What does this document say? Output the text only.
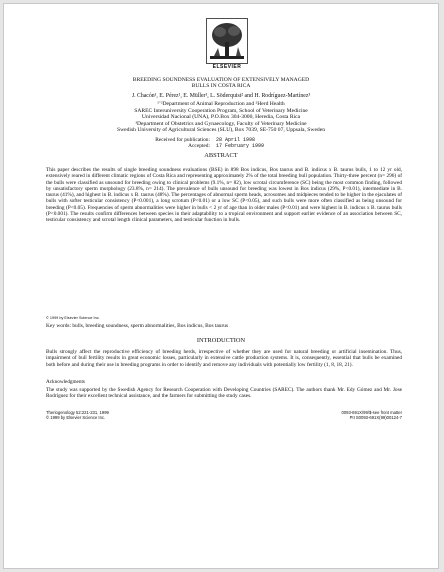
ELSEVIER
BREEDING SOUNDNESS EVALUATION OF EXTENSIVELY MANAGED
BULLS IN COSTA RICA
J. Chacón¹, E. Pérez¹, E. Müller¹, L. Söderquist² and H. Rodríguez-Martínez³
¹’²Department of Animal Reproduction and ²Herd Health
SAREC Interuniversity Cooperation Program, School of Veterinary Medicine
Universidad Nacional (UNA), P.O.Box 304-3000, Heredia, Costa Rica
³Department of Obstetrics and Gynaecology, Faculty of Veterinary Medicine
Swedish University of Agricultural Sciences (SLU), Box 7039, SE-750 07, Uppsala, Sweden
Received for publication:	28 April 1998
Accepted:	17 February 1999
ABSTRACT
This paper describes the results of single breeding soundness evaluations (BSE) in 898 Bos indicus, Bos taurus and B. indicus x B. taurus bulls, 1 to 12 yr old, extensively reared in different climatic regions of Costa Rica and representing approximately 2% of the total breeding bull population. Thirty-three percent (n= 296) of the bulls were classified as unsound for breeding owing to clinical problems (9.1%, n= 82), low scrotal circumference (SC) being the most common finding, followed by unsatisfactory sperm morphology (23.8%, n= 214). The prevalence of bulls unsound for breeding was lowest in Bos indicus (29%, P<0.01), intermediate in B. taurus (41%), and highest in B. indicus x B. taurus (48%). The percentages of abnormal sperm heads, acrosomes and midpieces tended to be higher in the ejaculates of bulls with softer testicular consistency (P<0.001), a long scrotum (P<0.01) or a low SC (P<0.05), and such bulls were more often classified as being unsound for breeding (P<0.05). Frequencies of sperm abnormalities were higher in bulls < 2 yr of age than in older males (P<0.01) and were highest in B. indicus x B. taurus bulls (P<0.001). The results confirm differences between species in their adaptability to a tropical environment and support earlier evidence of an association between SC, testicular consistency and scrotal length clinical parameters, and testicular function in bulls.
© 1999 by Elsevier Science Inc.
Key words: bulls, breeding soundness, sperm abnormalities, Bos indicus, Bos taurus
INTRODUCTION
Bulls strongly affect the reproductive efficiency of breeding herds, irrespective of whether they are used for natural breeding or artificial insemination. Thus, impairment of bull fertility results in great economic losses, particularly in extensive cattle production systems. It is, consequently, essential that bulls be examined both before and during their use in breeding programs in order to identify and remove any individuals with potentially low fertility (1, 8, 18, 21).
Acknowledgments
The study was supported by the Swedish Agency for Research Cooperation with Developing Countries (SAREC). The authors thank Mr. Edy Gómez and Mr. Jose Rodríguez for their excellent technical assistance, and the farmers for submitting the study cases.
Theriogenology 52:221-231, 1999
© 1999 by Elsevier Science Inc.
0093-691X/99/$-see front matter
PII S0093-691X(99)00124-7
